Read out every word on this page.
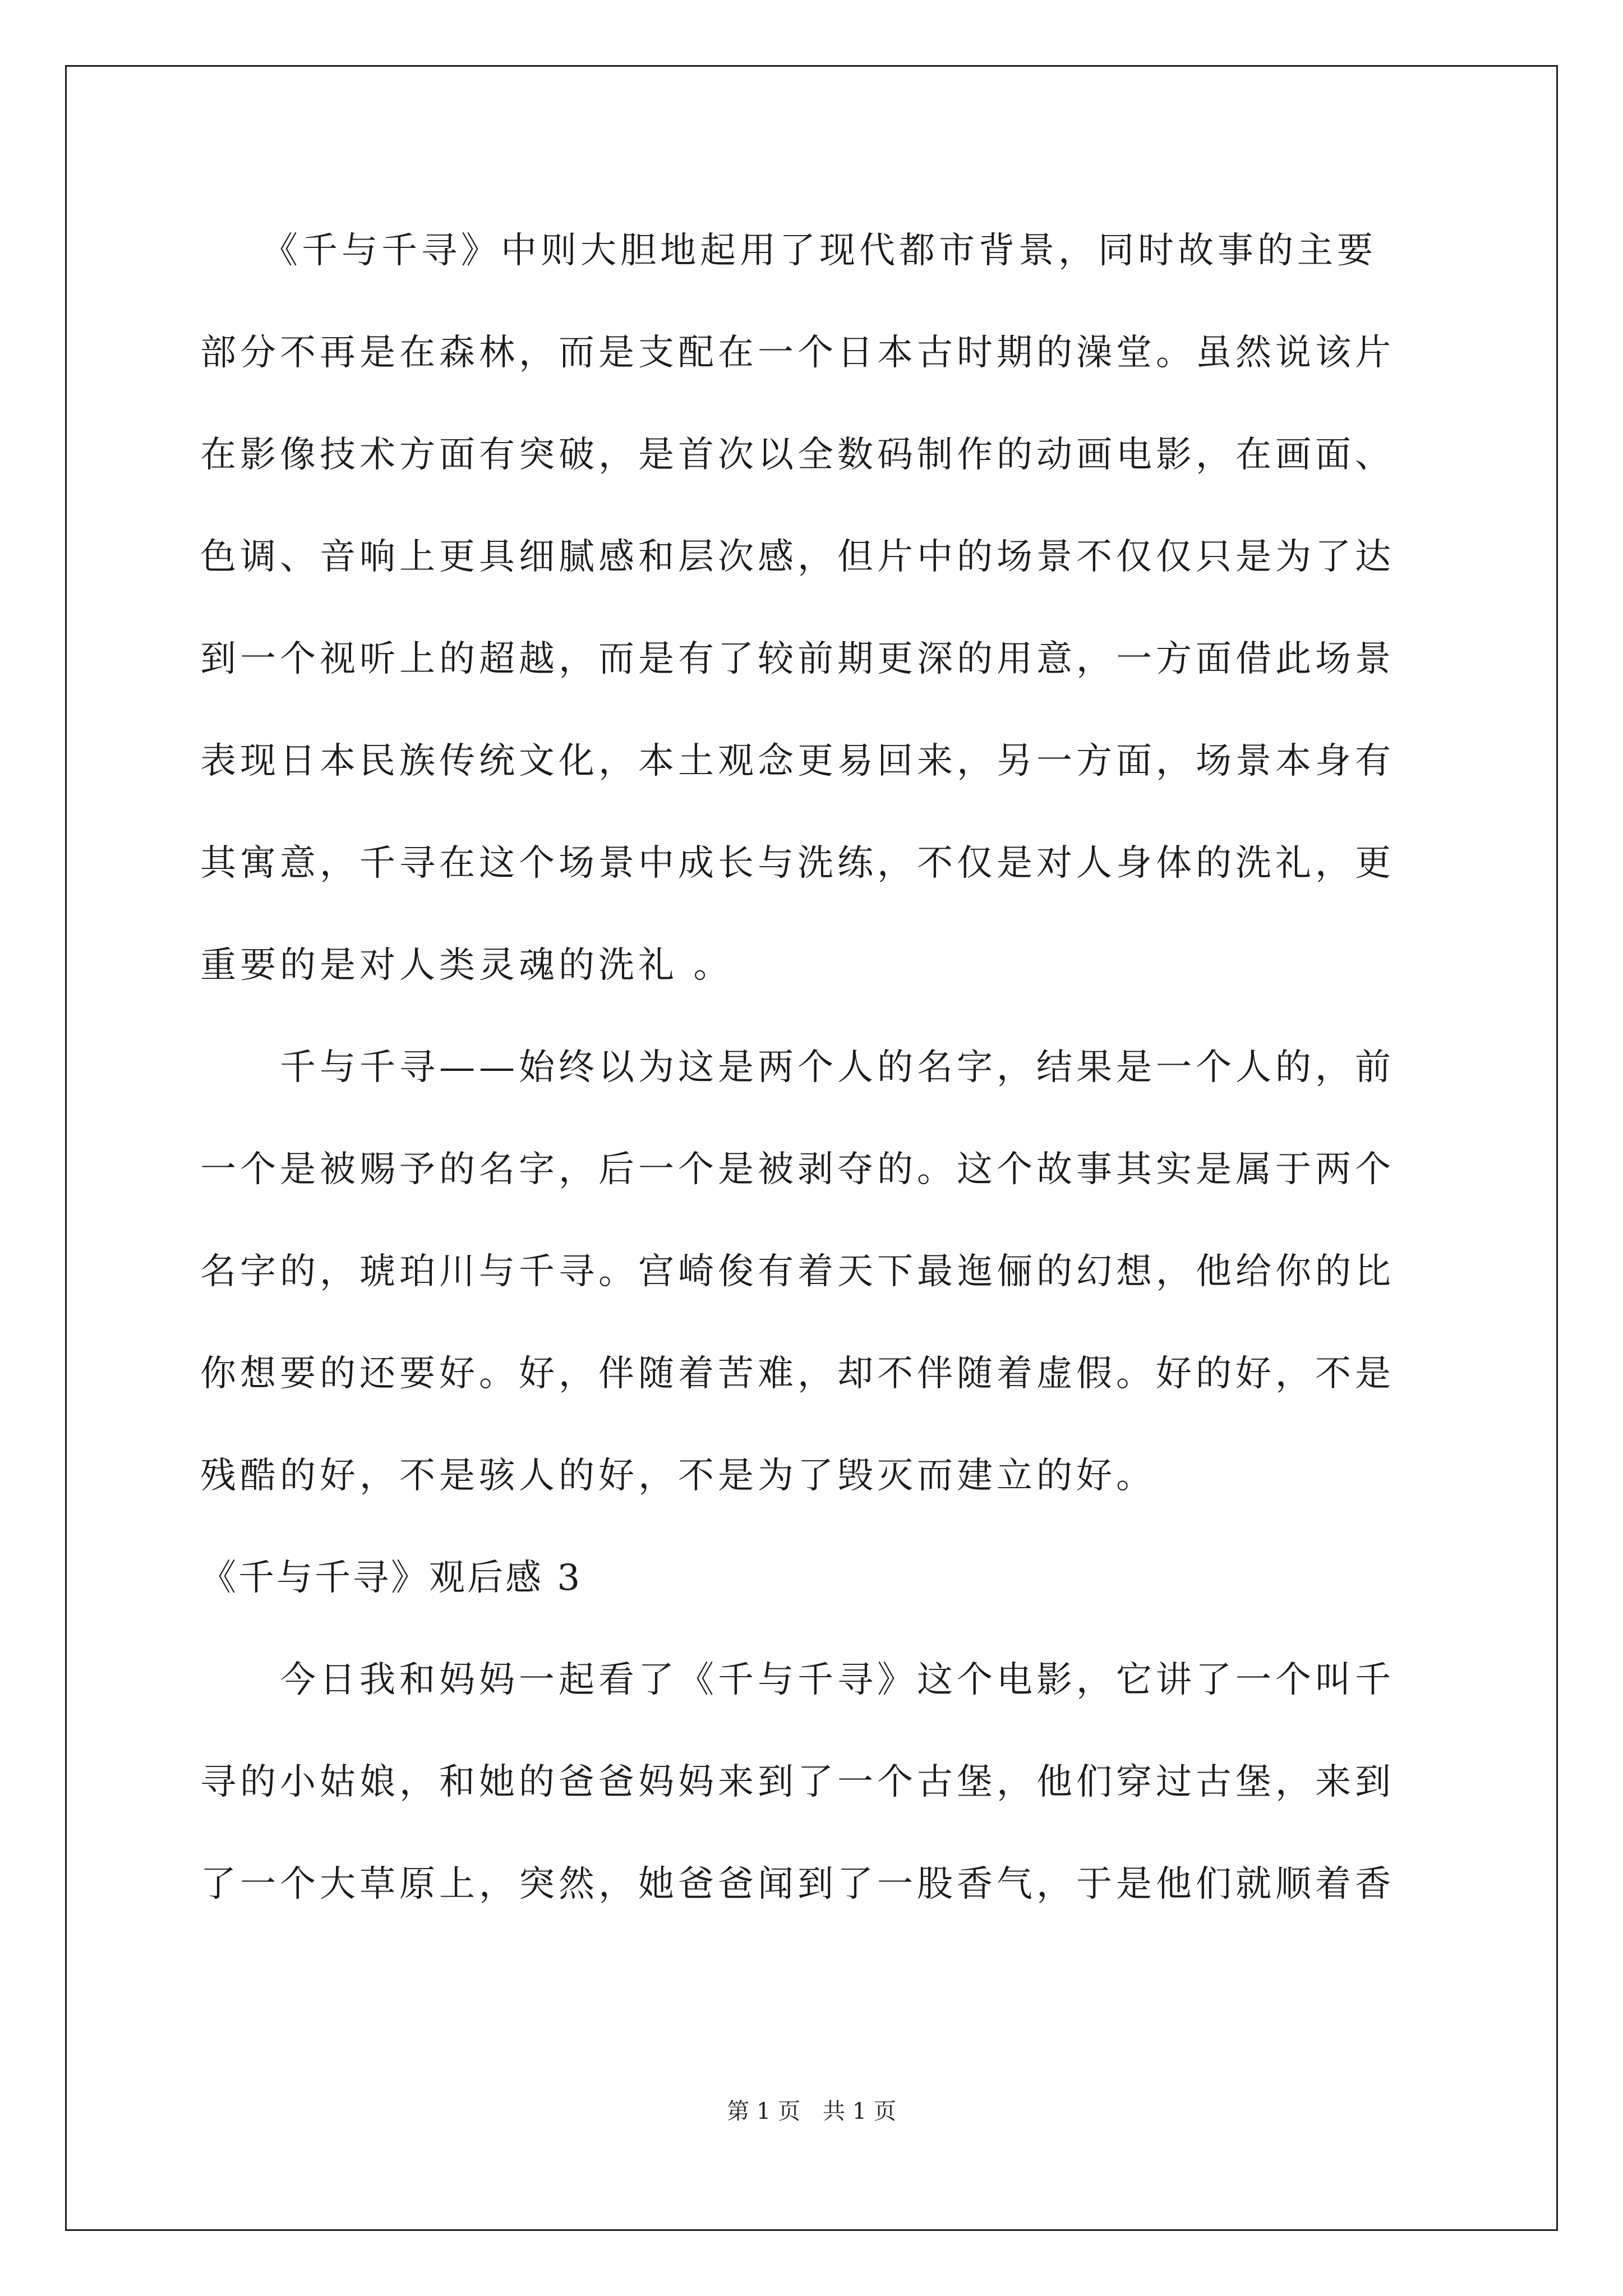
　　《千与千寻》中则大胆地起用了现代都市背景，同时故事的主要
部分不再是在森林，而是支配在一个日本古时期的澡堂。虽然说该片
在影像技术方面有突破，是首次以全数码制作的动画电影，在画面、
色调、音响上更具细腻感和层次感，但片中的场景不仅仅只是为了达
到一个视听上的超越，而是有了较前期更深的用意，一方面借此场景
表现日本民族传统文化，本土观念更易回来，另一方面，场景本身有
其寓意，千寻在这个场景中成长与洗练，不仅是对人身体的洗礼，更
重要的是对人类灵魂的洗礼 。
　　千与千寻——始终以为这是两个人的名字，结果是一个人的，前
一个是被赐予的名字，后一个是被剥夺的。这个故事其实是属于两个
名字的，琥珀川与千寻。宫崎俊有着天下最迤俪的幻想，他给你的比
你想要的还要好。好，伴随着苦难，却不伴随着虚假。好的好，不是
残酷的好，不是骇人的好，不是为了毁灭而建立的好。
《千与千寻》观后感 3
　　今日我和妈妈一起看了《千与千寻》这个电影，它讲了一个叫千
寻的小姑娘，和她的爸爸妈妈来到了一个古堡，他们穿过古堡，来到
了一个大草原上，突然，她爸爸闻到了一股香气，于是他们就顺着香
第 1 页　共 1 页
